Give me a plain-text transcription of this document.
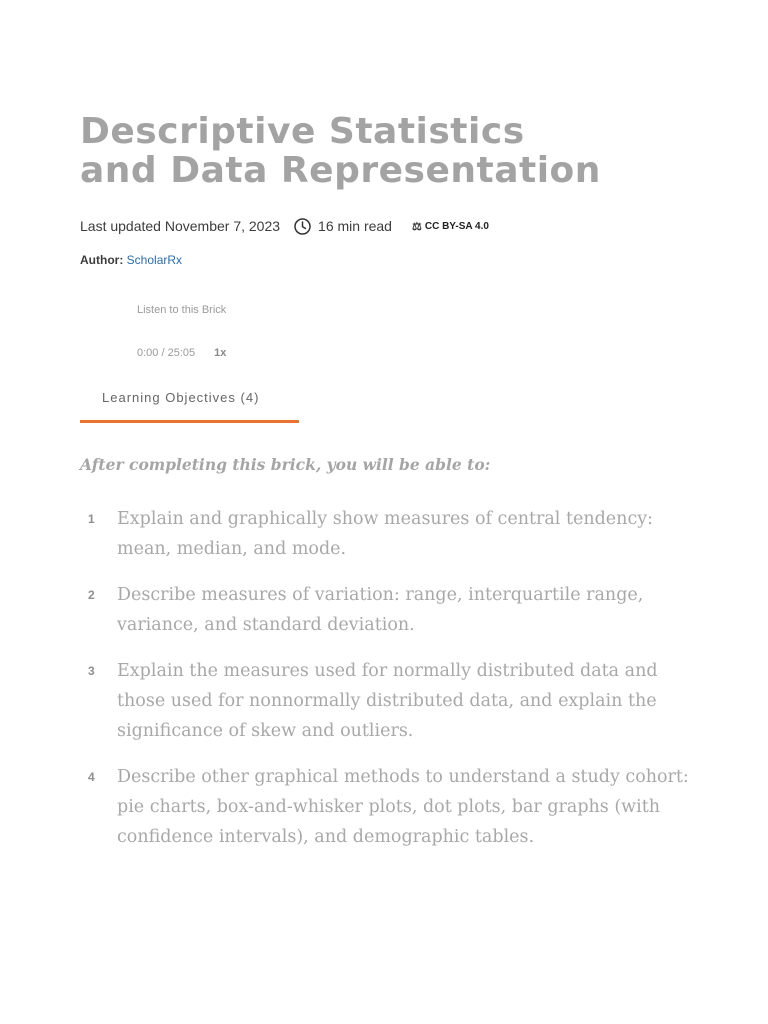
Descriptive Statistics
and Data Representation
Last updated November 7, 2023	16 min read ⚖ CC BY-SA 4.0
Author: ScholarRx
Listen to this Brick
0:00 / 25:05 1x
Learning Objectives (4)
After completing this brick, you will be able to:
1	Explain and graphically show measures of central tendency: mean, median, and mode.
2	Describe measures of variation: range, interquartile range, variance, and standard deviation.
3	Explain the measures used for normally distributed data and those used for nonnormally distributed data, and explain the significance of skew and outliers.
4	Describe other graphical methods to understand a study cohort: pie charts, box-and-whisker plots, dot plots, bar graphs (with confidence intervals), and demographic tables.
